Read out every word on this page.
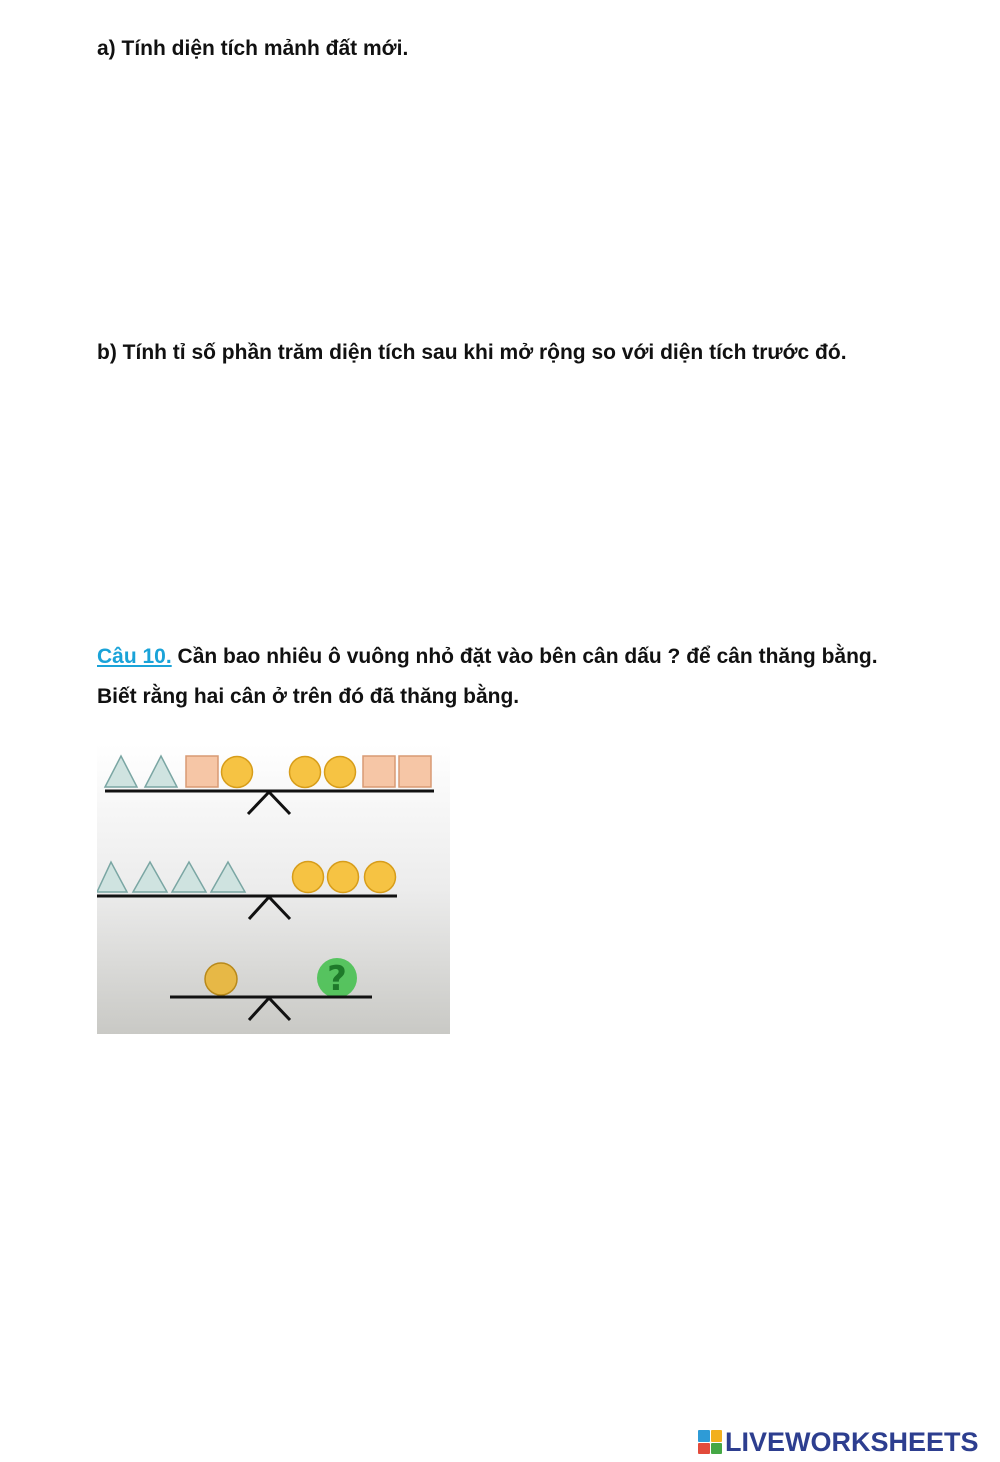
a) Tính diện tích mảnh đất mới.

b) Tính tỉ số phần trăm diện tích sau khi mở rộng so với diện tích trước đó.

Câu 10. Cần bao nhiêu ô vuông nhỏ đặt vào bên cân dấu ? để cân thăng bằng.

Biết rằng hai cân ở trên đó đã thăng bằng.

?
LIVEWORKSHEETS
